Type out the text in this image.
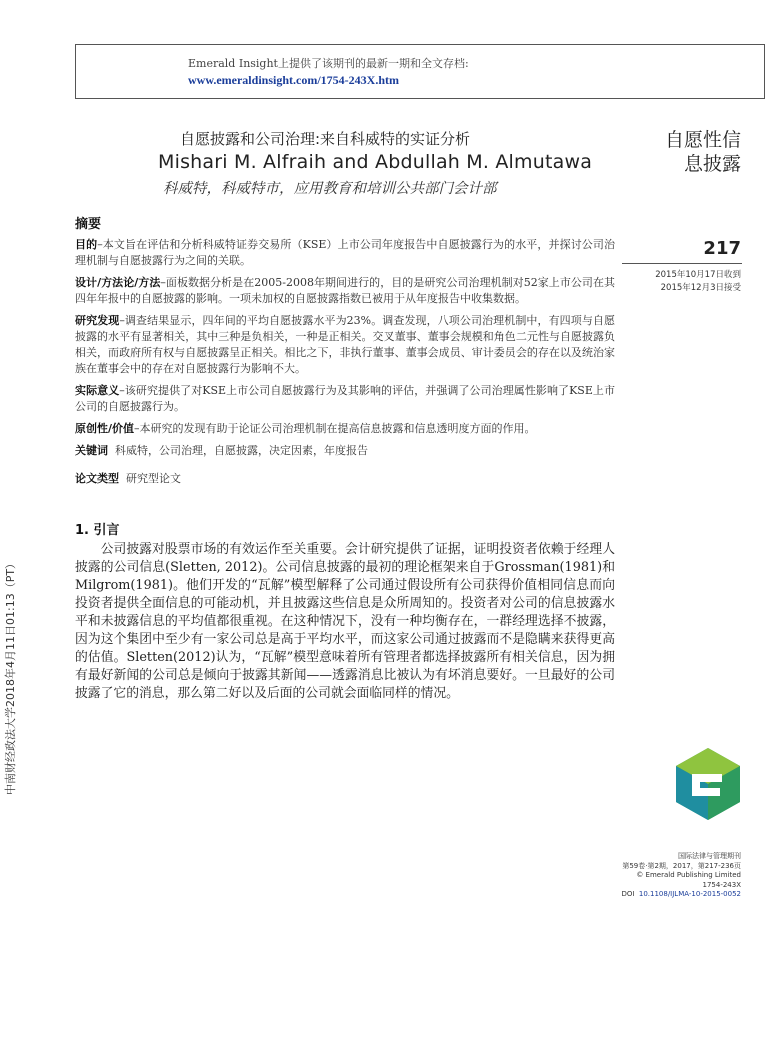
Emerald Insight上提供了该期刊的最新一期和全文存档:
www.emeraldinsight.com/1754-243X.htm
自愿披露和公司治理:来自科威特的实证分析
Mishari M. Alfraih and Abdullah M. Almutawa
科威特，科威特市，应用教育和培训公共部门会计部
自愿性信
息披露
217
2015年10月17日收到
2015年12月3日接受
摘要

目的–本文旨在评估和分析科威特证券交易所（KSE）上市公司年度报告中自愿披露行为的水平，并探讨公司治理机制与自愿披露行为之间的关联。

设计/方法论/方法–面板数据分析是在2005-2008年期间进行的，目的是研究公司治理机制对52家上市公司在其四年年报中的自愿披露的影响。一项未加权的自愿披露指数已被用于从年度报告中收集数据。

研究发现–调查结果显示，四年间的平均自愿披露水平为23%。调查发现，八项公司治理机制中，有四项与自愿披露的水平有显著相关，其中三种是负相关，一种是正相关。交叉董事、董事会规模和角色二元性与自愿披露负相关，而政府所有权与自愿披露呈正相关。相比之下，非执行董事、董事会成员、审计委员会的存在以及统治家族在董事会中的存在对自愿披露行为影响不大。

实际意义–该研究提供了对KSE上市公司自愿披露行为及其影响的评估，并强调了公司治理属性影响了KSE上市公司的自愿披露行为。

原创性/价值–本研究的发现有助于论证公司治理机制在提高信息披露和信息透明度方面的作用。

关键词 科威特，公司治理，自愿披露，决定因素，年度报告

论文类型 研究型论文

1. 引言

公司披露对股票市场的有效运作至关重要。会计研究提供了证据，证明投资者依赖于经理人披露的公司信息(Sletten, 2012)。公司信息披露的最初的理论框架来自于Grossman(1981)和Milgrom(1981)。他们开发的“瓦解”模型解释了公司通过假设所有公司获得价值相同信息而向投资者提供全面信息的可能动机，并且披露这些信息是众所周知的。投资者对公司的信息披露水平和未披露信息的平均值都很重视。在这种情况下，没有一种均衡存在，一群经理选择不披露，因为这个集团中至少有一家公司总是高于平均水平，而这家公司通过披露而不是隐瞒来获得更高的估值。Sletten(2012)认为，“瓦解”模型意味着所有管理者都选择披露所有相关信息，因为拥有最好新闻的公司总是倾向于披露其新闻——透露消息比被认为有坏消息要好。一旦最好的公司披露了它的消息，那么第二好以及后面的公司就会面临同样的情况。

中南财经政法大学2018年4月11日01:13（PT）
国际法律与管理期刊
第59卷·第2期，2017，第217-236页
© Emerald Publishing Limited
1754-243X
DOI 10.1108/IJLMA-10-2015-0052
